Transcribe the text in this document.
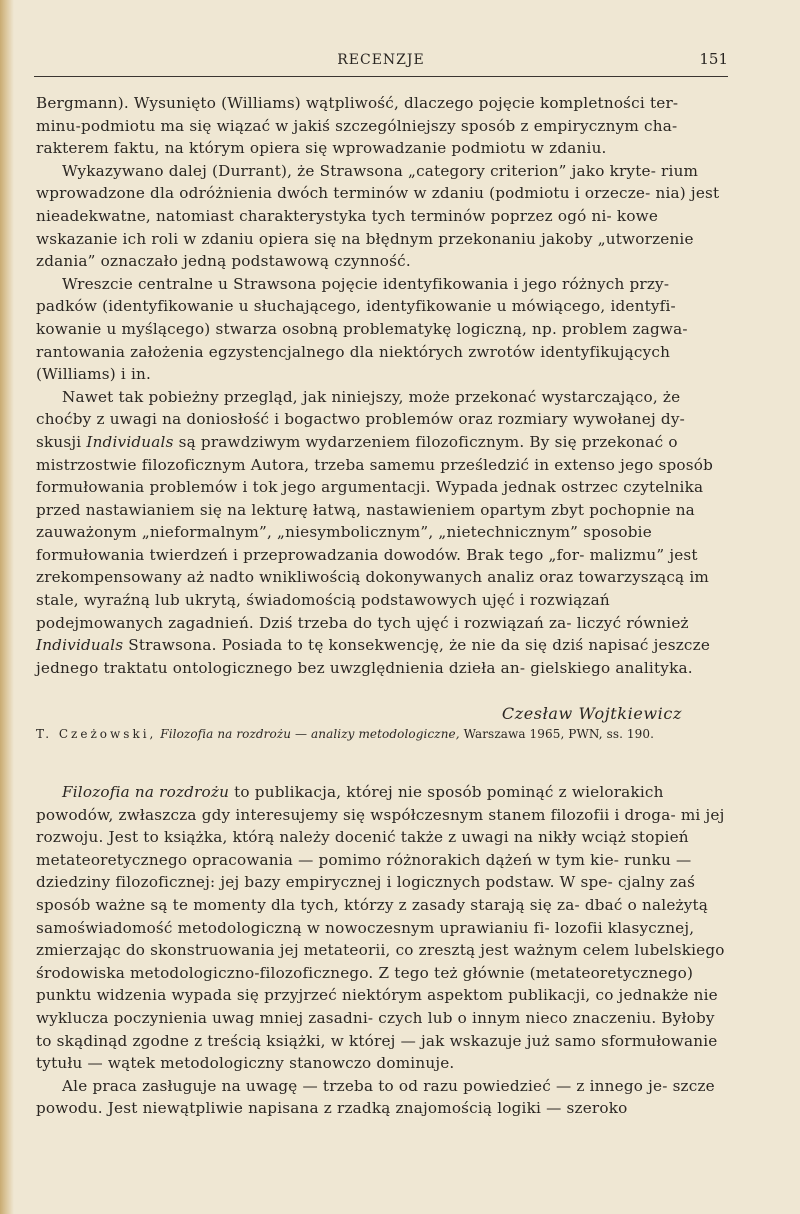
RECENZJE	151

Bergmann). Wysunięto (Williams) wątpliwość, dlaczego pojęcie kompletności ter- minu-podmiotu ma się wiązać w jakiś szczególniejszy sposób z empirycznym cha- rakterem faktu, na którym opiera się wprowadzanie podmiotu w zdaniu.

Wykazywano dalej (Durrant), że Strawsona „category criterion” jako kryte- rium wprowadzone dla odróżnienia dwóch terminów w zdaniu (podmiotu i orzecze- nia) jest nieadekwatne, natomiast charakterystyka tych terminów poprzez ogó ni- kowe wskazanie ich roli w zdaniu opiera się na błędnym przekonaniu jakoby „utworzenie zdania” oznaczało jedną podstawową czynność.

Wreszcie centralne u Strawsona pojęcie identyfikowania i jego różnych przy- padków (identyfikowanie u słuchającego, identyfikowanie u mówiącego, identyfi- kowanie u myślącego) stwarza osobną problematykę logiczną, np. problem zagwa- rantowania założenia egzystencjalnego dla niektórych zwrotów identyfikujących (Williams) i in.

Nawet tak pobieżny przegląd, jak niniejszy, może przekonać wystarczająco, że choćby z uwagi na doniosłość i bogactwo problemów oraz rozmiary wywołanej dy- skusji Individuals są prawdziwym wydarzeniem filozoficznym. By się przekonać o mistrzostwie filozoficznym Autora, trzeba samemu prześledzić in extenso jego sposób formułowania problemów i tok jego argumentacji. Wypada jednak ostrzec czytelnika przed nastawianiem się na lekturę łatwą, nastawieniem opartym zbyt pochopnie na zauważonym „nieformalnym”, „niesymbolicznym”, „nietechnicznym” sposobie formułowania twierdzeń i przeprowadzania dowodów. Brak tego „for- malizmu” jest zrekompensowany aż nadto wnikliwością dokonywanych analiz oraz towarzyszącą im stale, wyraźną lub ukrytą, świadomością podstawowych ujęć i rozwiązań podejmowanych zagadnień. Dziś trzeba do tych ujęć i rozwiązań za- liczyć również Individuals Strawsona. Posiada to tę konsekwencję, że nie da się dziś napisać jeszcze jednego traktatu ontologicznego bez uwzględnienia dzieła an- gielskiego analityka.

Czesław Wojtkiewicz

T. Czeżowski, Filozofia na rozdrożu — analizy metodologiczne, Warszawa 1965, PWN, ss. 190.

Filozofia na rozdrożu to publikacja, której nie sposób pominąć z wielorakich powodów, zwłaszcza gdy interesujemy się współczesnym stanem filozofii i droga- mi jej rozwoju. Jest to książka, którą należy docenić także z uwagi na nikły wciąż stopień metateoretycznego opracowania — pomimo różnorakich dążeń w tym kie- runku — dziedziny filozoficznej: jej bazy empirycznej i logicznych podstaw. W spe- cjalny zaś sposób ważne są te momenty dla tych, którzy z zasady starają się za- dbać o należytą samoświadomość metodologiczną w nowoczesnym uprawianiu fi- lozofii klasycznej, zmierzając do skonstruowania jej metateorii, co zresztą jest ważnym celem lubelskiego środowiska metodologiczno-filozoficznego. Z tego też głównie (metateoretycznego) punktu widzenia wypada się przyjrzeć niektórym aspektom publikacji, co jednakże nie wyklucza poczynienia uwag mniej zasadni- czych lub o innym nieco znaczeniu. Byłoby to skądinąd zgodne z treścią książki, w której — jak wskazuje już samo sformułowanie tytułu — wątek metodologiczny stanowczo dominuje.

Ale praca zasługuje na uwagę — trzeba to od razu powiedzieć — z innego je- szcze powodu. Jest niewątpliwie napisana z rzadką znajomością logiki — szeroko
